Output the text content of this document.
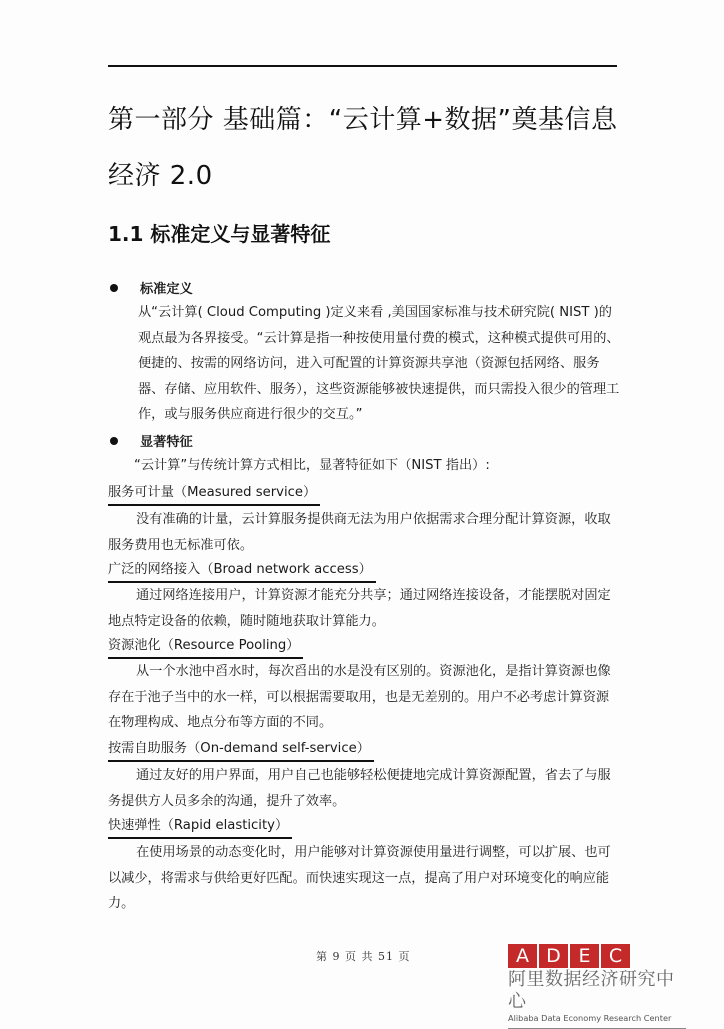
第一部分 基础篇：“云计算+数据”奠基信息经济 2.0
1.1 标准定义与显著特征
标准定义
从“云计算( Cloud Computing )定义来看 ,美国国家标准与技术研究院( NIST )的观点最为各界接受。“云计算是指一种按使用量付费的模式，这种模式提供可用的、便捷的、按需的网络访问，进入可配置的计算资源共享池（资源包括网络、服务器、存储、应用软件、服务），这些资源能够被快速提供，而只需投入很少的管理工作，或与服务供应商进行很少的交互。”
显著特征
“云计算”与传统计算方式相比，显著特征如下（NIST 指出）:
服务可计量（Measured service）
没有准确的计量，云计算服务提供商无法为用户依据需求合理分配计算资源，收取服务费用也无标准可依。
广泛的网络接入（Broad network access）
通过网络连接用户，计算资源才能充分共享；通过网络连接设备，才能摆脱对固定地点特定设备的依赖，随时随地获取计算能力。
资源池化（Resource Pooling）
从一个水池中舀水时，每次舀出的水是没有区别的。资源池化，是指计算资源也像存在于池子当中的水一样，可以根据需要取用，也是无差别的。用户不必考虑计算资源在物理构成、地点分布等方面的不同。
按需自助服务（On-demand self-service）
通过友好的用户界面，用户自己也能够轻松便捷地完成计算资源配置，省去了与服务提供方人员多余的沟通，提升了效率。
快速弹性（Rapid elasticity）
在使用场景的动态变化时，用户能够对计算资源使用量进行调整，可以扩展、也可以减少，将需求与供给更好匹配。而快速实现这一点，提高了用户对环境变化的响应能力。
第 9 页 共 51 页	A D E C
阿里数据经济研究中心
Alibaba Data Economy Research Center
